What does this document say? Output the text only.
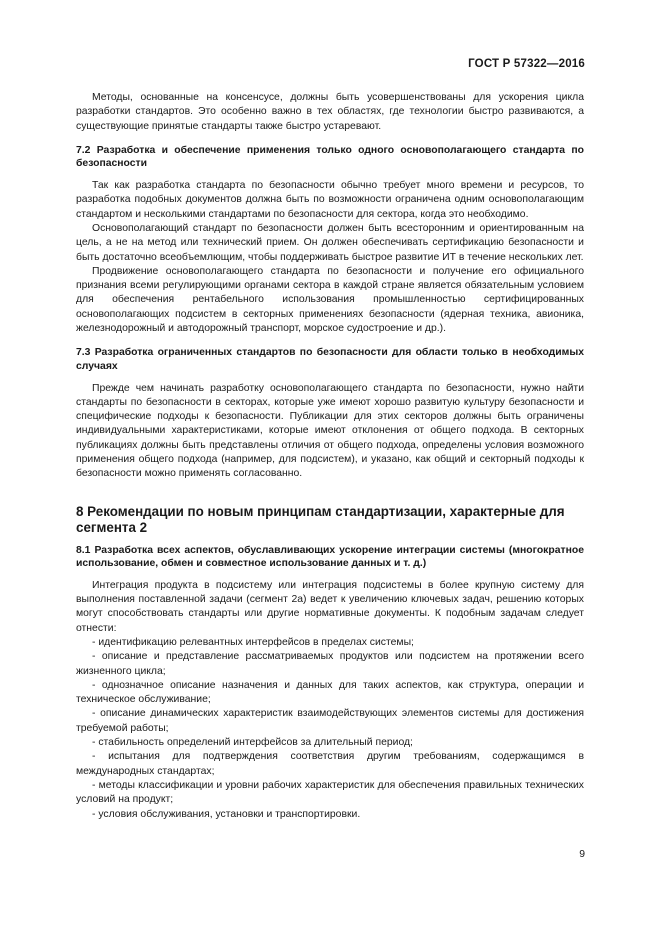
ГОСТ Р 57322—2016

Методы, основанные на консенсусе, должны быть усовершенствованы для ускорения цикла разработки стандартов. Это особенно важно в тех областях, где технологии быстро развиваются, а существующие принятые стандарты также быстро устаревают.

7.2 Разработка и обеспечение применения только одного основополагающего стандарта по безопасности

Так как разработка стандарта по безопасности обычно требует много времени и ресурсов, то разработка подобных документов должна быть по возможности ограничена одним основополагающим стандартом и несколькими стандартами по безопасности для сектора, когда это необходимо.

Основополагающий стандарт по безопасности должен быть всесторонним и ориентированным на цель, а не на метод или технический прием. Он должен обеспечивать сертификацию безопасности и быть достаточно всеобъемлющим, чтобы поддерживать быстрое развитие ИТ в течение нескольких лет.

Продвижение основополагающего стандарта по безопасности и получение его официального признания всеми регулирующими органами сектора в каждой стране является обязательным условием для обеспечения рентабельного использования промышленностью сертифицированных основополагающих подсистем в секторных применениях безопасности (ядерная техника, авионика, железнодорожный и автодорожный транспорт, морское судостроение и др.).

7.3 Разработка ограниченных стандартов по безопасности для области только в необходимых случаях

Прежде чем начинать разработку основополагающего стандарта по безопасности, нужно найти стандарты по безопасности в секторах, которые уже имеют хорошо развитую культуру безопасности и специфические подходы к безопасности. Публикации для этих секторов должны быть ограничены индивидуальными характеристиками, которые имеют отклонения от общего подхода. В секторных публикациях должны быть представлены отличия от общего подхода, определены условия возможного применения общего подхода (например, для подсистем), и указано, как общий и секторный подходы к безопасности можно применять согласованно.

8 Рекомендации по новым принципам стандартизации, характерные для сегмента 2
8.1 Разработка всех аспектов, обуславливающих ускорение интеграции системы (многократное использование, обмен и совместное использование данных и т. д.)

Интеграция продукта в подсистему или интеграция подсистемы в более крупную систему для выполнения поставленной задачи (сегмент 2a) ведет к увеличению ключевых задач, решению которых могут способствовать стандарты или другие нормативные документы. К подобным задачам следует отнести:

- идентификацию релевантных интерфейсов в пределах системы;
- описание и представление рассматриваемых продуктов или подсистем на протяжении всего жизненного цикла;
- однозначное описание назначения и данных для таких аспектов, как структура, операции и техническое обслуживание;
- описание динамических характеристик взаимодействующих элементов системы для достижения требуемой работы;
- стабильность определений интерфейсов за длительный период;
- испытания для подтверждения соответствия другим требованиям, содержащимся в международных стандартах;
- методы классификации и уровни рабочих характеристик для обеспечения правильных технических условий на продукт;
- условия обслуживания, установки и транспортировки.
9
